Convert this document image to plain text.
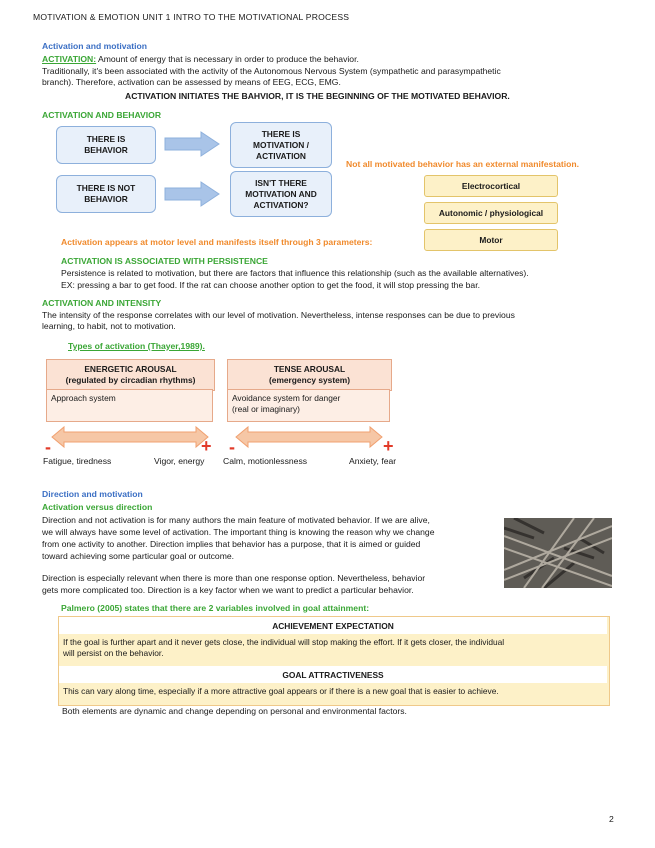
MOTIVATION & EMOTION UNIT 1 INTRO TO THE MOTIVATIONAL PROCESS
Activation and motivation
ACTIVATION: Amount of energy that is necessary in order to produce the behavior.
Traditionally, it's been associated with the activity of the Autonomous Nervous System (sympathetic and parasympathetic
branch). Therefore, activation can be assessed by means of EEG, ECG, EMG.
ACTIVATION INITIATES THE BAHVIOR, IT IS THE BEGINNING OF THE MOTIVATED BEHAVIOR.
ACTIVATION AND BEHAVIOR
THERE IS BEHAVIOR
THERE IS MOTIVATION / ACTIVATION
THERE IS NOT BEHAVIOR
ISN'T THERE MOTIVATION AND ACTIVATION?
Not all motivated behavior has an external manifestation.
Electrocortical
Autonomic / physiological
Motor
Activation appears at motor level and manifests itself through 3 parameters:
ACTIVATION IS ASSOCIATED WITH PERSISTENCE
Persistence is related to motivation, but there are factors that influence this relationship (such as the available alternatives).
EX: pressing a bar to get food. If the rat can choose another option to get the food, it will stop pressing the bar.
ACTIVATION AND INTENSITY
The intensity of the response correlates with our level of motivation. Nevertheless, intense responses can be due to previous
learning, to habit, not to motivation.
Types of activation (Thayer,1989).
ENERGETIC AROUSAL
(regulated by circadian rhythms)
Approach system
TENSE AROUSAL
(emergency system)
Avoidance system for danger
(real or imaginary)
-	+ -	+
Fatigue, tiredness	Vigor, energy Calm, motionlessness	Anxiety, fear
Direction and motivation
Activation versus direction
Direction and not activation is for many authors the main feature of motivated behavior. If we are alive,
we will always have some level of activation. The important thing is knowing the reason why we change
from one activity to another. Direction implies that behavior has a purpose, that it is aimed or guided
toward achieving some particular goal or outcome.
Direction is especially relevant when there is more than one response option. Nevertheless, behavior
gets more complicated too. Direction is a key factor when we want to predict a particular behavior.
Palmero (2005) states that there are 2 variables involved in goal attainment:
ACHIEVEMENT EXPECTATION
If the goal is further apart and it never gets close, the individual will stop making the effort. If it gets closer, the individual
will persist on the behavior.
GOAL ATTRACTIVENESS
This can vary along time, especially if a more attractive goal appears or if there is a new goal that is easier to achieve.
Both elements are dynamic and change depending on personal and environmental factors.
2
